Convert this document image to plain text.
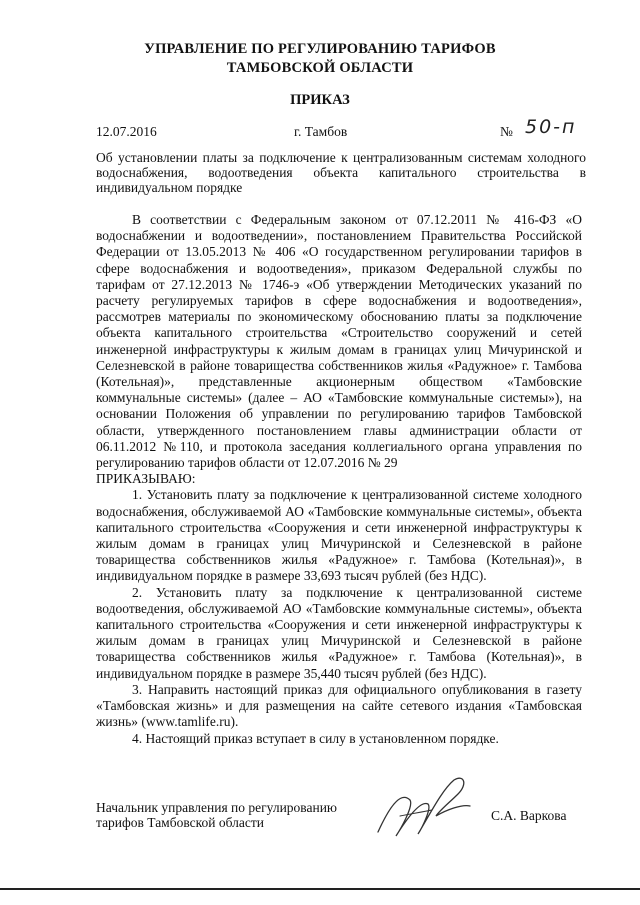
УПРАВЛЕНИЕ ПО РЕГУЛИРОВАНИЮ ТАРИФОВ
ТАМБОВСКОЙ ОБЛАСТИ
ПРИКАЗ
12.07.2016	г. Тамбов	№ 50-п
Об установлении платы за подключение к централизованным системам холодного водоснабжения, водоотведения объекта капитального строительства в индивидуальном порядке

В соответствии с Федеральным законом от 07.12.2011 № 416-ФЗ «О водоснабжении и водоотведении», постановлением Правительства Российской Федерации от 13.05.2013 № 406 «О государственном регулировании тарифов в сфере водоснабжения и водоотведения», приказом Федеральной службы по тарифам от 27.12.2013 № 1746-э «Об утверждении Методических указаний по расчету регулируемых тарифов в сфере водоснабжения и водоотведения», рассмотрев материалы по экономическому обоснованию платы за подключение объекта капитального строительства «Строительство сооружений и сетей инженерной инфраструктуры к жилым домам в границах улиц Мичуринской и Селезневской в районе товарищества собственников жилья «Радужное» г. Тамбова (Котельная)», представленные акционерным обществом «Тамбовские коммунальные системы» (далее – АО «Тамбовские коммунальные системы»), на основании Положения об управлении по регулированию тарифов Тамбовской области, утвержденного постановлением главы администрации области от 06.11.2012 №110, и протокола заседания коллегиального органа управления по регулированию тарифов области от 12.07.2016 № 29

ПРИКАЗЫВАЮ:

1. Установить плату за подключение к централизованной системе холодного водоснабжения, обслуживаемой АО «Тамбовские коммунальные системы», объекта капитального строительства «Сооружения и сети инженерной инфраструктуры к жилым домам в границах улиц Мичуринской и Селезневской в районе товарищества собственников жилья «Радужное» г. Тамбова (Котельная)», в индивидуальном порядке в размере 33,693 тысяч рублей (без НДС).

2. Установить плату за подключение к централизованной системе водоотведения, обслуживаемой АО «Тамбовские коммунальные системы», объекта капитального строительства «Сооружения и сети инженерной инфраструктуры к жилым домам в границах улиц Мичуринской и Селезневской в районе товарищества собственников жилья «Радужное» г. Тамбова (Котельная)», в индивидуальном порядке в размере 35,440 тысяч рублей (без НДС).

3. Направить настоящий приказ для официального опубликования в газету «Тамбовская жизнь» и для размещения на сайте сетевого издания «Тамбовская жизнь» (www.tamlife.ru).

4. Настоящий приказ вступает в силу в установленном порядке.

Начальник управления по регулированию
тарифов Тамбовской области	С.А. Варкова
